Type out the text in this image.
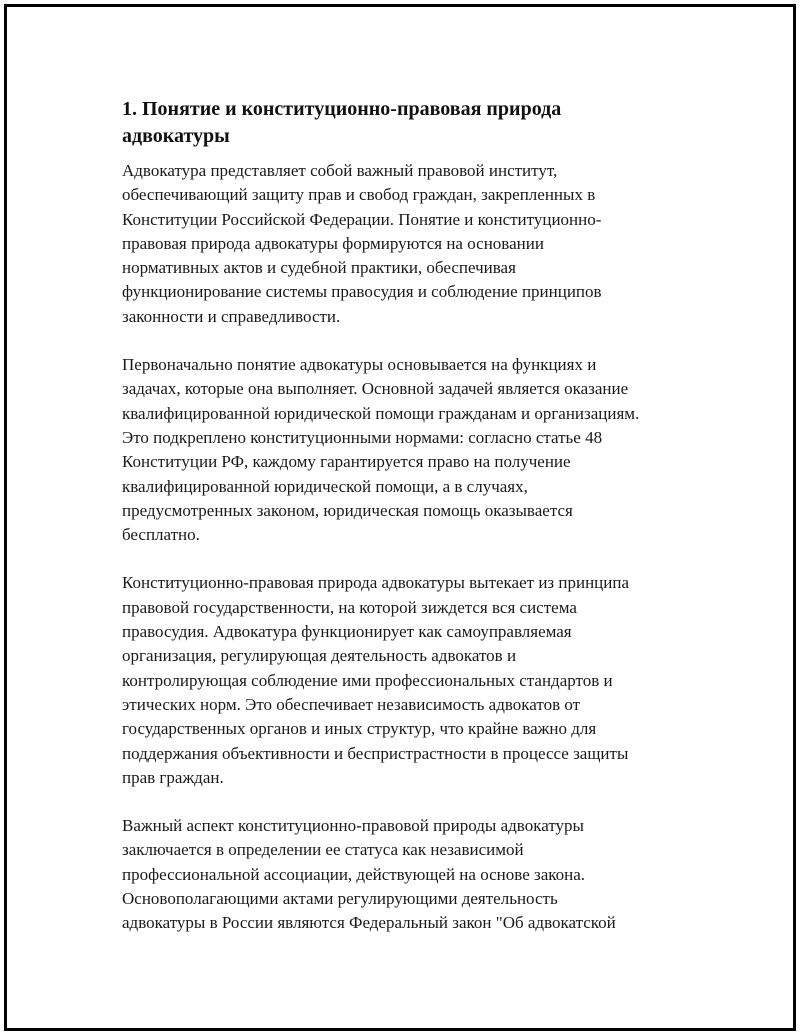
1. Понятие и конституционно-правовая природа
адвокатуры

Адвокатура представляет собой важный правовой институт,
обеспечивающий защиту прав и свобод граждан, закрепленных в
Конституции Российской Федерации. Понятие и конституционно-
правовая природа адвокатуры формируются на основании
нормативных актов и судебной практики, обеспечивая
функционирование системы правосудия и соблюдение принципов
законности и справедливости.

Первоначально понятие адвокатуры основывается на функциях и
задачах, которые она выполняет. Основной задачей является оказание
квалифицированной юридической помощи гражданам и организациям.
Это подкреплено конституционными нормами: согласно статье 48
Конституции РФ, каждому гарантируется право на получение
квалифицированной юридической помощи, а в случаях,
предусмотренных законом, юридическая помощь оказывается
бесплатно.

Конституционно-правовая природа адвокатуры вытекает из принципа
правовой государственности, на которой зиждется вся система
правосудия. Адвокатура функционирует как самоуправляемая
организация, регулирующая деятельность адвокатов и
контролирующая соблюдение ими профессиональных стандартов и
этических норм. Это обеспечивает независимость адвокатов от
государственных органов и иных структур, что крайне важно для
поддержания объективности и беспристрастности в процессе защиты
прав граждан.

Важный аспект конституционно-правовой природы адвокатуры
заключается в определении ее статуса как независимой
профессиональной ассоциации, действующей на основе закона.
Основополагающими актами регулирующими деятельность
адвокатуры в России являются Федеральный закон "Об адвокатской
